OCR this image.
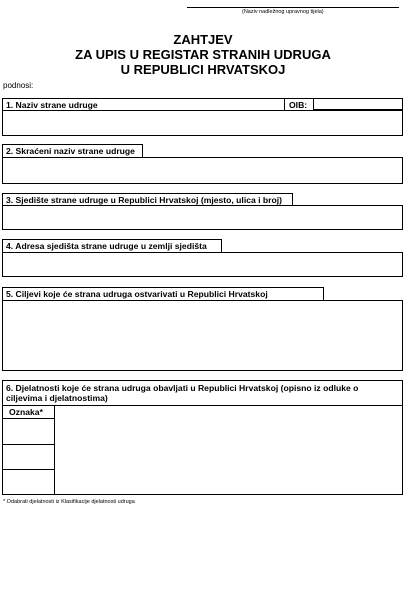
(Naziv nadležnog upravnog tijela)
ZAHTJEV
ZA UPIS U REGISTAR STRANIH UDRUGA
U REPUBLICI HRVATSKOJ
podnosi:
1. Naziv strane udruge	OIB:
2. Skraćeni naziv strane udruge
3. Sjedište strane udruge u Republici Hrvatskoj (mjesto, ulica i broj)
4. Adresa sjedišta strane udruge u zemlji sjedišta
5. Ciljevi koje će strana udruga ostvarivati u Republici Hrvatskoj
6. Djelatnosti koje će strana udruga obavljati u Republici Hrvatskoj (opisno iz odluke o
ciljevima i djelatnostima)
Oznaka*
* Odabrati djelatnosti iz Klasifikacije djelatnosti udruga
